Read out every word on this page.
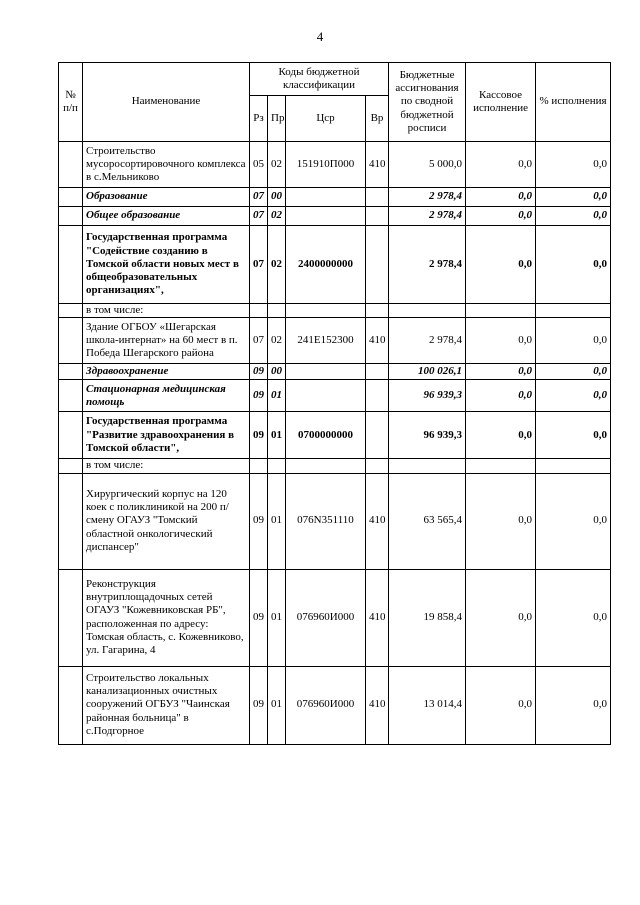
4
№ п/п	Наименование	Коды бюджетной классификации				Бюджетные ассигнования по сводной бюджетной росписи	Кассовое исполнение	% исполнения
		Рз	Пр	Цср	Вр			
	Строительство мусоросортировочного комплекса в с.Мельниково	05	02	151910П000	410	5 000,0	0,0	0,0
	Образование	07	00			2 978,4	0,0	0,0
	Общее образование	07	02			2 978,4	0,0	0,0
	Государственная программа "Содействие созданию в Томской области новых мест в общеобразовательных организациях",	07	02	2400000000		2 978,4	0,0	0,0
	в том числе:							
	Здание ОГБОУ «Шегарская школа-интернат» на 60 мест в п. Победа Шегарского района	07	02	241E152300	410	2 978,4	0,0	0,0
	Здравоохранение	09	00			100 026,1	0,0	0,0
	Стационарная медицинская помощь	09	01			96 939,3	0,0	0,0
	Государственная программа "Развитие здравоохранения в Томской области",	09	01	0700000000		96 939,3	0,0	0,0
	в том числе:							
	Хирургический корпус на 120 коек с поликлиникой на 200 п/смену ОГАУЗ "Томский областной онкологический диспансер"	09	01	076N351110	410	63 565,4	0,0	0,0
	Реконструкция внутриплощадочных сетей ОГАУЗ "Кожевниковская РБ", расположенная по адресу: Томская область, с. Кожевниково, ул. Гагарина, 4	09	01	076960И000	410	19 858,4	0,0	0,0
	Строительство локальных канализационных очистных сооружений ОГБУЗ "Чаинская районная больница" в с.Подгорное	09	01	076960И000	410	13 014,4	0,0	0,0
